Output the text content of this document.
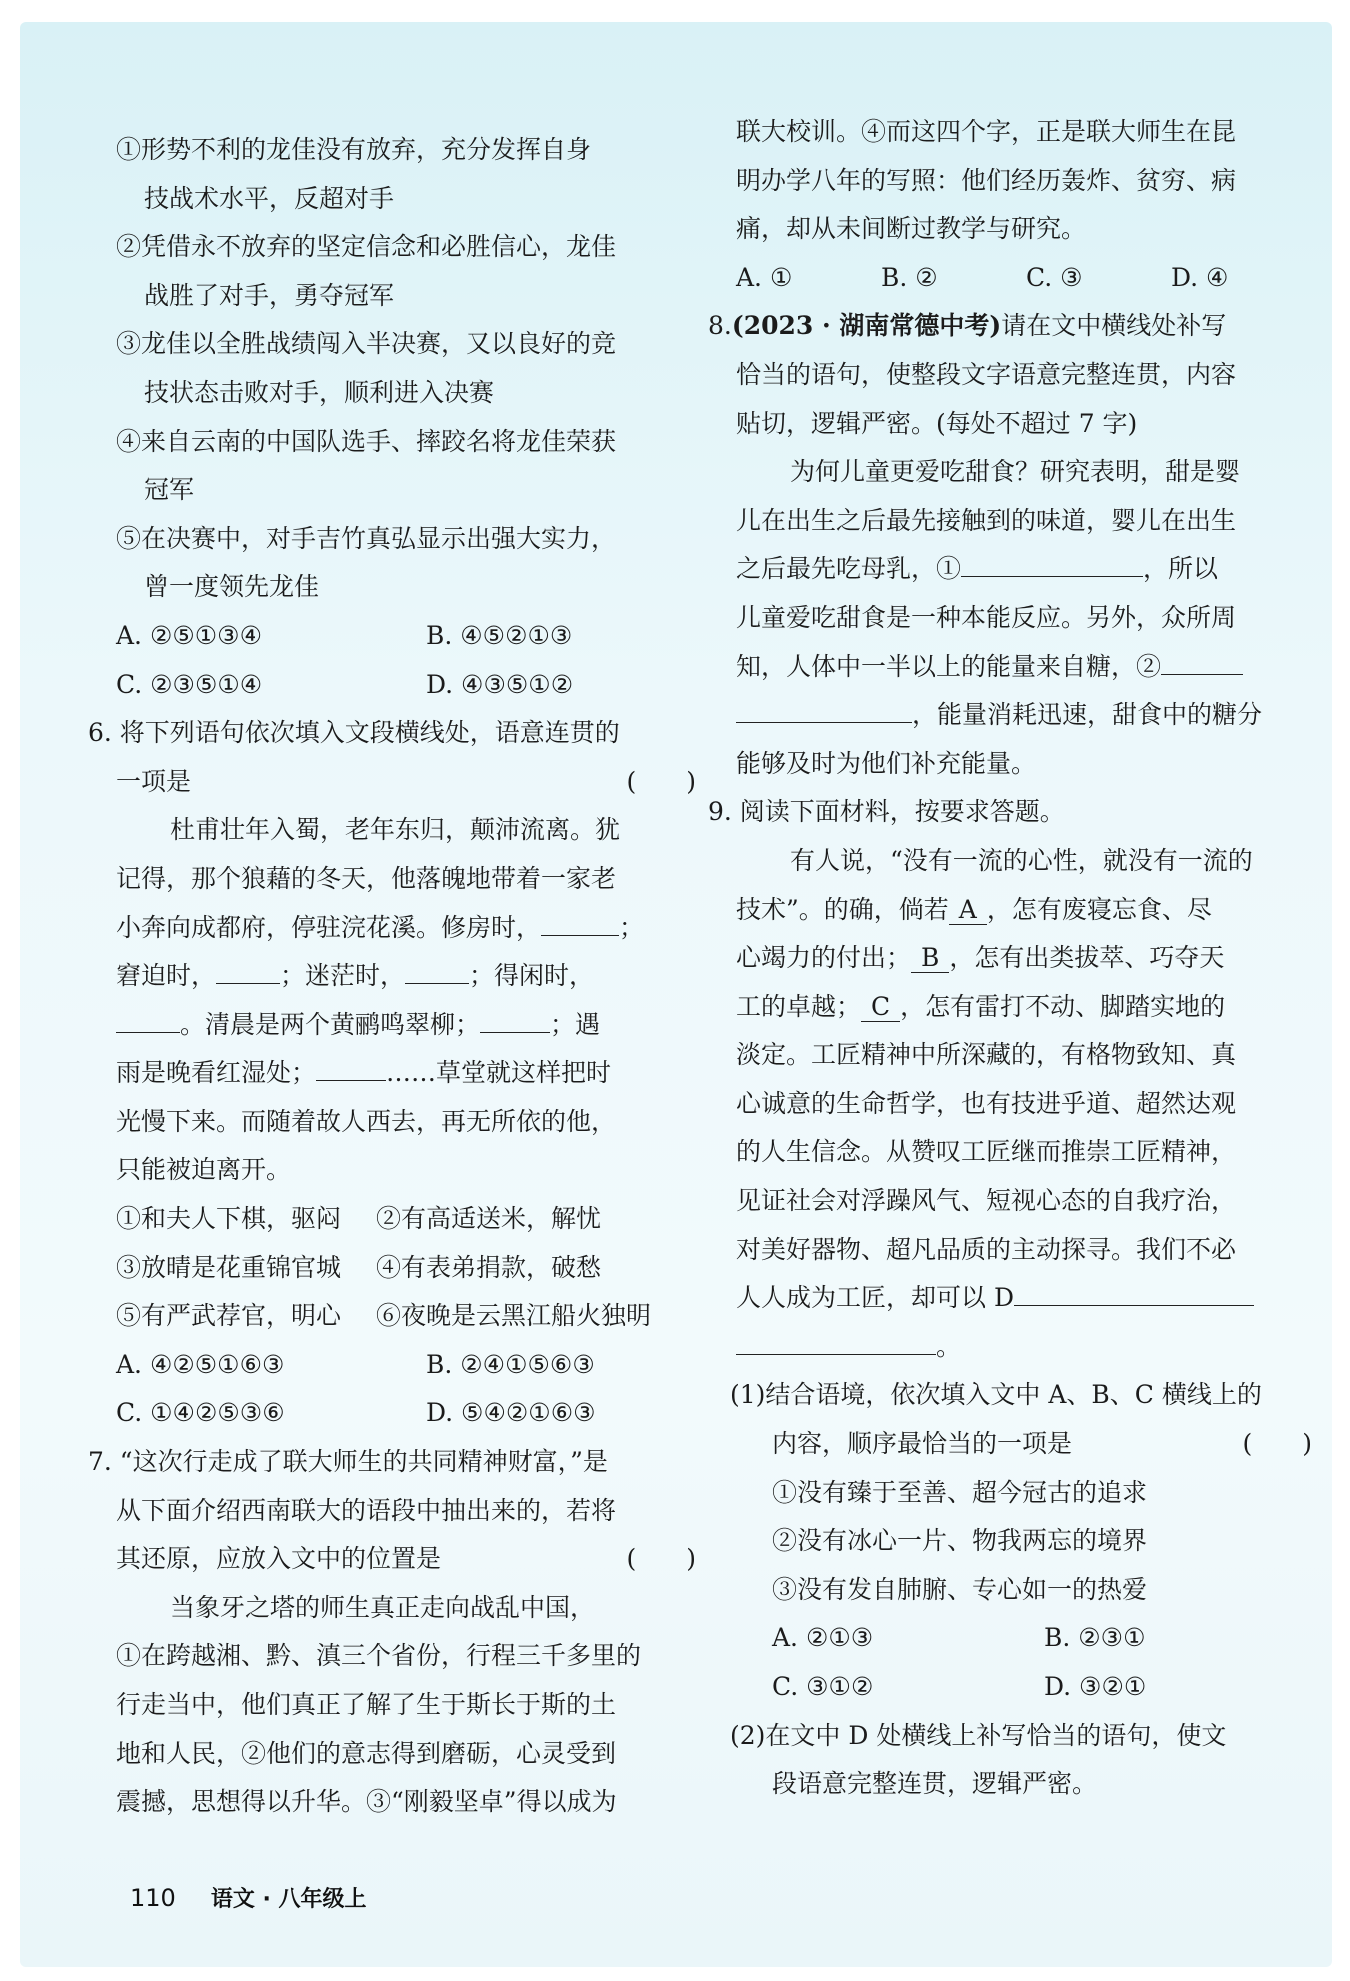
①形势不利的龙佳没有放弃，充分发挥自身
技战术水平，反超对手
②凭借永不放弃的坚定信念和必胜信心，龙佳
战胜了对手，勇夺冠军
③龙佳以全胜战绩闯入半决赛，又以良好的竞
技状态击败对手，顺利进入决赛
④来自云南的中国队选手、摔跤名将龙佳荣获
冠军
⑤在决赛中，对手吉竹真弘显示出强大实力，
曾一度领先龙佳
A. ②⑤①③④	B. ④⑤②①③
C. ②③⑤①④	D. ④③⑤①②
6. 将下列语句依次填入文段横线处，语意连贯的
一项是	(　　)
杜甫壮年入蜀，老年东归，颠沛流离。犹
记得，那个狼藉的冬天，他落魄地带着一家老
小奔向成都府，停驻浣花溪。修房时，	；
窘迫时，	；迷茫时，	；得闲时，
。清晨是两个黄鹂鸣翠柳；	；遇
雨是晚看红湿处；	……草堂就这样把时
光慢下来。而随着故人西去，再无所依的他，
只能被迫离开。
①和夫人下棋，驱闷 ②有高适送米，解忧
③放晴是花重锦官城 ④有表弟捐款，破愁
⑤有严武荐官，明心 ⑥夜晚是云黑江船火独明
A. ④②⑤①⑥③	B. ②④①⑤⑥③
C. ①④②⑤③⑥	D. ⑤④②①⑥③
7. “这次行走成了联大师生的共同精神财富，”是
从下面介绍西南联大的语段中抽出来的，若将
其还原，应放入文中的位置是	(　　)
当象牙之塔的师生真正走向战乱中国，
①在跨越湘、黔、滇三个省份，行程三千多里的
行走当中，他们真正了解了生于斯长于斯的土
地和人民，②他们的意志得到磨砺，心灵受到
震撼，思想得以升华。③“刚毅坚卓”得以成为
联大校训。④而这四个字，正是联大师生在昆
明办学八年的写照：他们经历轰炸、贫穷、病
痛，却从未间断过教学与研究。
A. ①	B. ②	C. ③	D. ④
8.(2023 · 湖南常德中考)请在文中横线处补写
恰当的语句，使整段文字语意完整连贯，内容
贴切，逻辑严密。(每处不超过 7 字)
为何儿童更爱吃甜食？研究表明，甜是婴
儿在出生之后最先接触到的味道，婴儿在出生
之后最先吃母乳，①	，所以
儿童爱吃甜食是一种本能反应。另外，众所周
知，人体中一半以上的能量来自糖，②
，能量消耗迅速，甜食中的糖分
能够及时为他们补充能量。
9. 阅读下面材料，按要求答题。
有人说，“没有一流的心性，就没有一流的
技术”。的确，倘若 A ，怎有废寝忘食、尽
心竭力的付出； B ，怎有出类拔萃、巧夺天
工的卓越； C ，怎有雷打不动、脚踏实地的
淡定。工匠精神中所深藏的，有格物致知、真
心诚意的生命哲学，也有技进乎道、超然达观
的人生信念。从赞叹工匠继而推崇工匠精神，
见证社会对浮躁风气、短视心态的自我疗治，
对美好器物、超凡品质的主动探寻。我们不必
人人成为工匠，却可以 D
。
(1)结合语境，依次填入文中 A、B、C 横线上的
内容，顺序最恰当的一项是	(　　)
①没有臻于至善、超今冠古的追求
②没有冰心一片、物我两忘的境界
③没有发自肺腑、专心如一的热爱
A. ②①③	B. ②③①
C. ③①②	D. ③②①
(2)在文中 D 处横线上补写恰当的语句，使文
段语意完整连贯，逻辑严密。
110 语文 · 八年级上
